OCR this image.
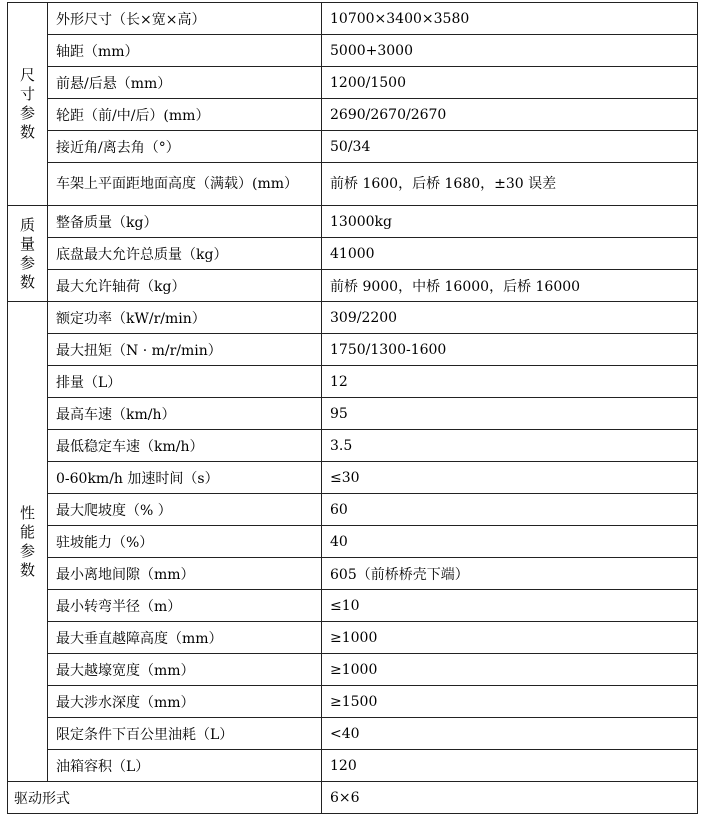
尺寸参数	外形尺寸（长×宽×高）	10700×3400×3580
	轴距（mm）	5000+3000
	前悬/后悬（mm）	1200/1500
	轮距（前/中/后）(mm）	2690/2670/2670
	接近角/离去角（°）	50/34
	车架上平面距地面高度（满载）(mm）	前桥 1600，后桥 1680，±30 误差
质量参数	整备质量（kg）	13000kg
	底盘最大允许总质量（kg）	41000
	最大允许轴荷（kg）	前桥 9000，中桥 16000，后桥 16000
性能参数	额定功率（kW/r/min）	309/2200
	最大扭矩（N · m/r/min）	1750/1300-1600
	排量（L）	12
	最高车速（km/h）	95
	最低稳定车速（km/h）	3.5
	0-60km/h 加速时间（s）	≤30
	最大爬坡度（% ）	60
	驻坡能力（%）	40
	最小离地间隙（mm）	605（前桥桥壳下端）
	最小转弯半径（m）	≤10
	最大垂直越障高度（mm）	≥1000
	最大越壕宽度（mm）	≥1000
	最大涉水深度（mm）	≥1500
	限定条件下百公里油耗（L）	<40
	油箱容积（L）	120
驱动形式		6×6
